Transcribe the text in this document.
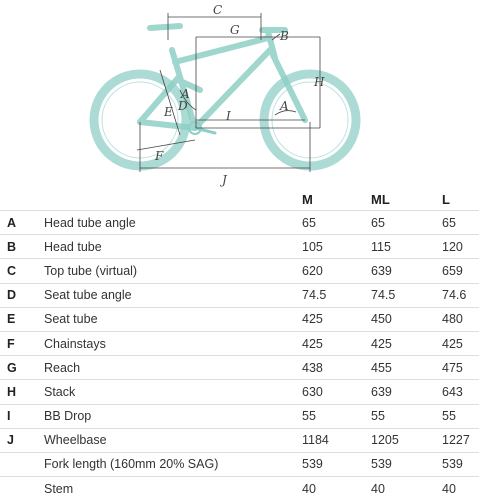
C
G	B
H
D
E
A
A
I
F
J
		M	ML	L
A	Head tube angle	65	65	65
B	Head tube	105	115	120
C	Top tube (virtual)	620	639	659
D	Seat tube angle	74.5	74.5	74.6
E	Seat tube	425	450	480
F	Chainstays	425	425	425
G	Reach	438	455	475
H	Stack	630	639	643
I	BB Drop	55	55	55
J	Wheelbase	1184	1205	1227
	Fork length (160mm 20% SAG)	539	539	539
	Stem	40	40	40
